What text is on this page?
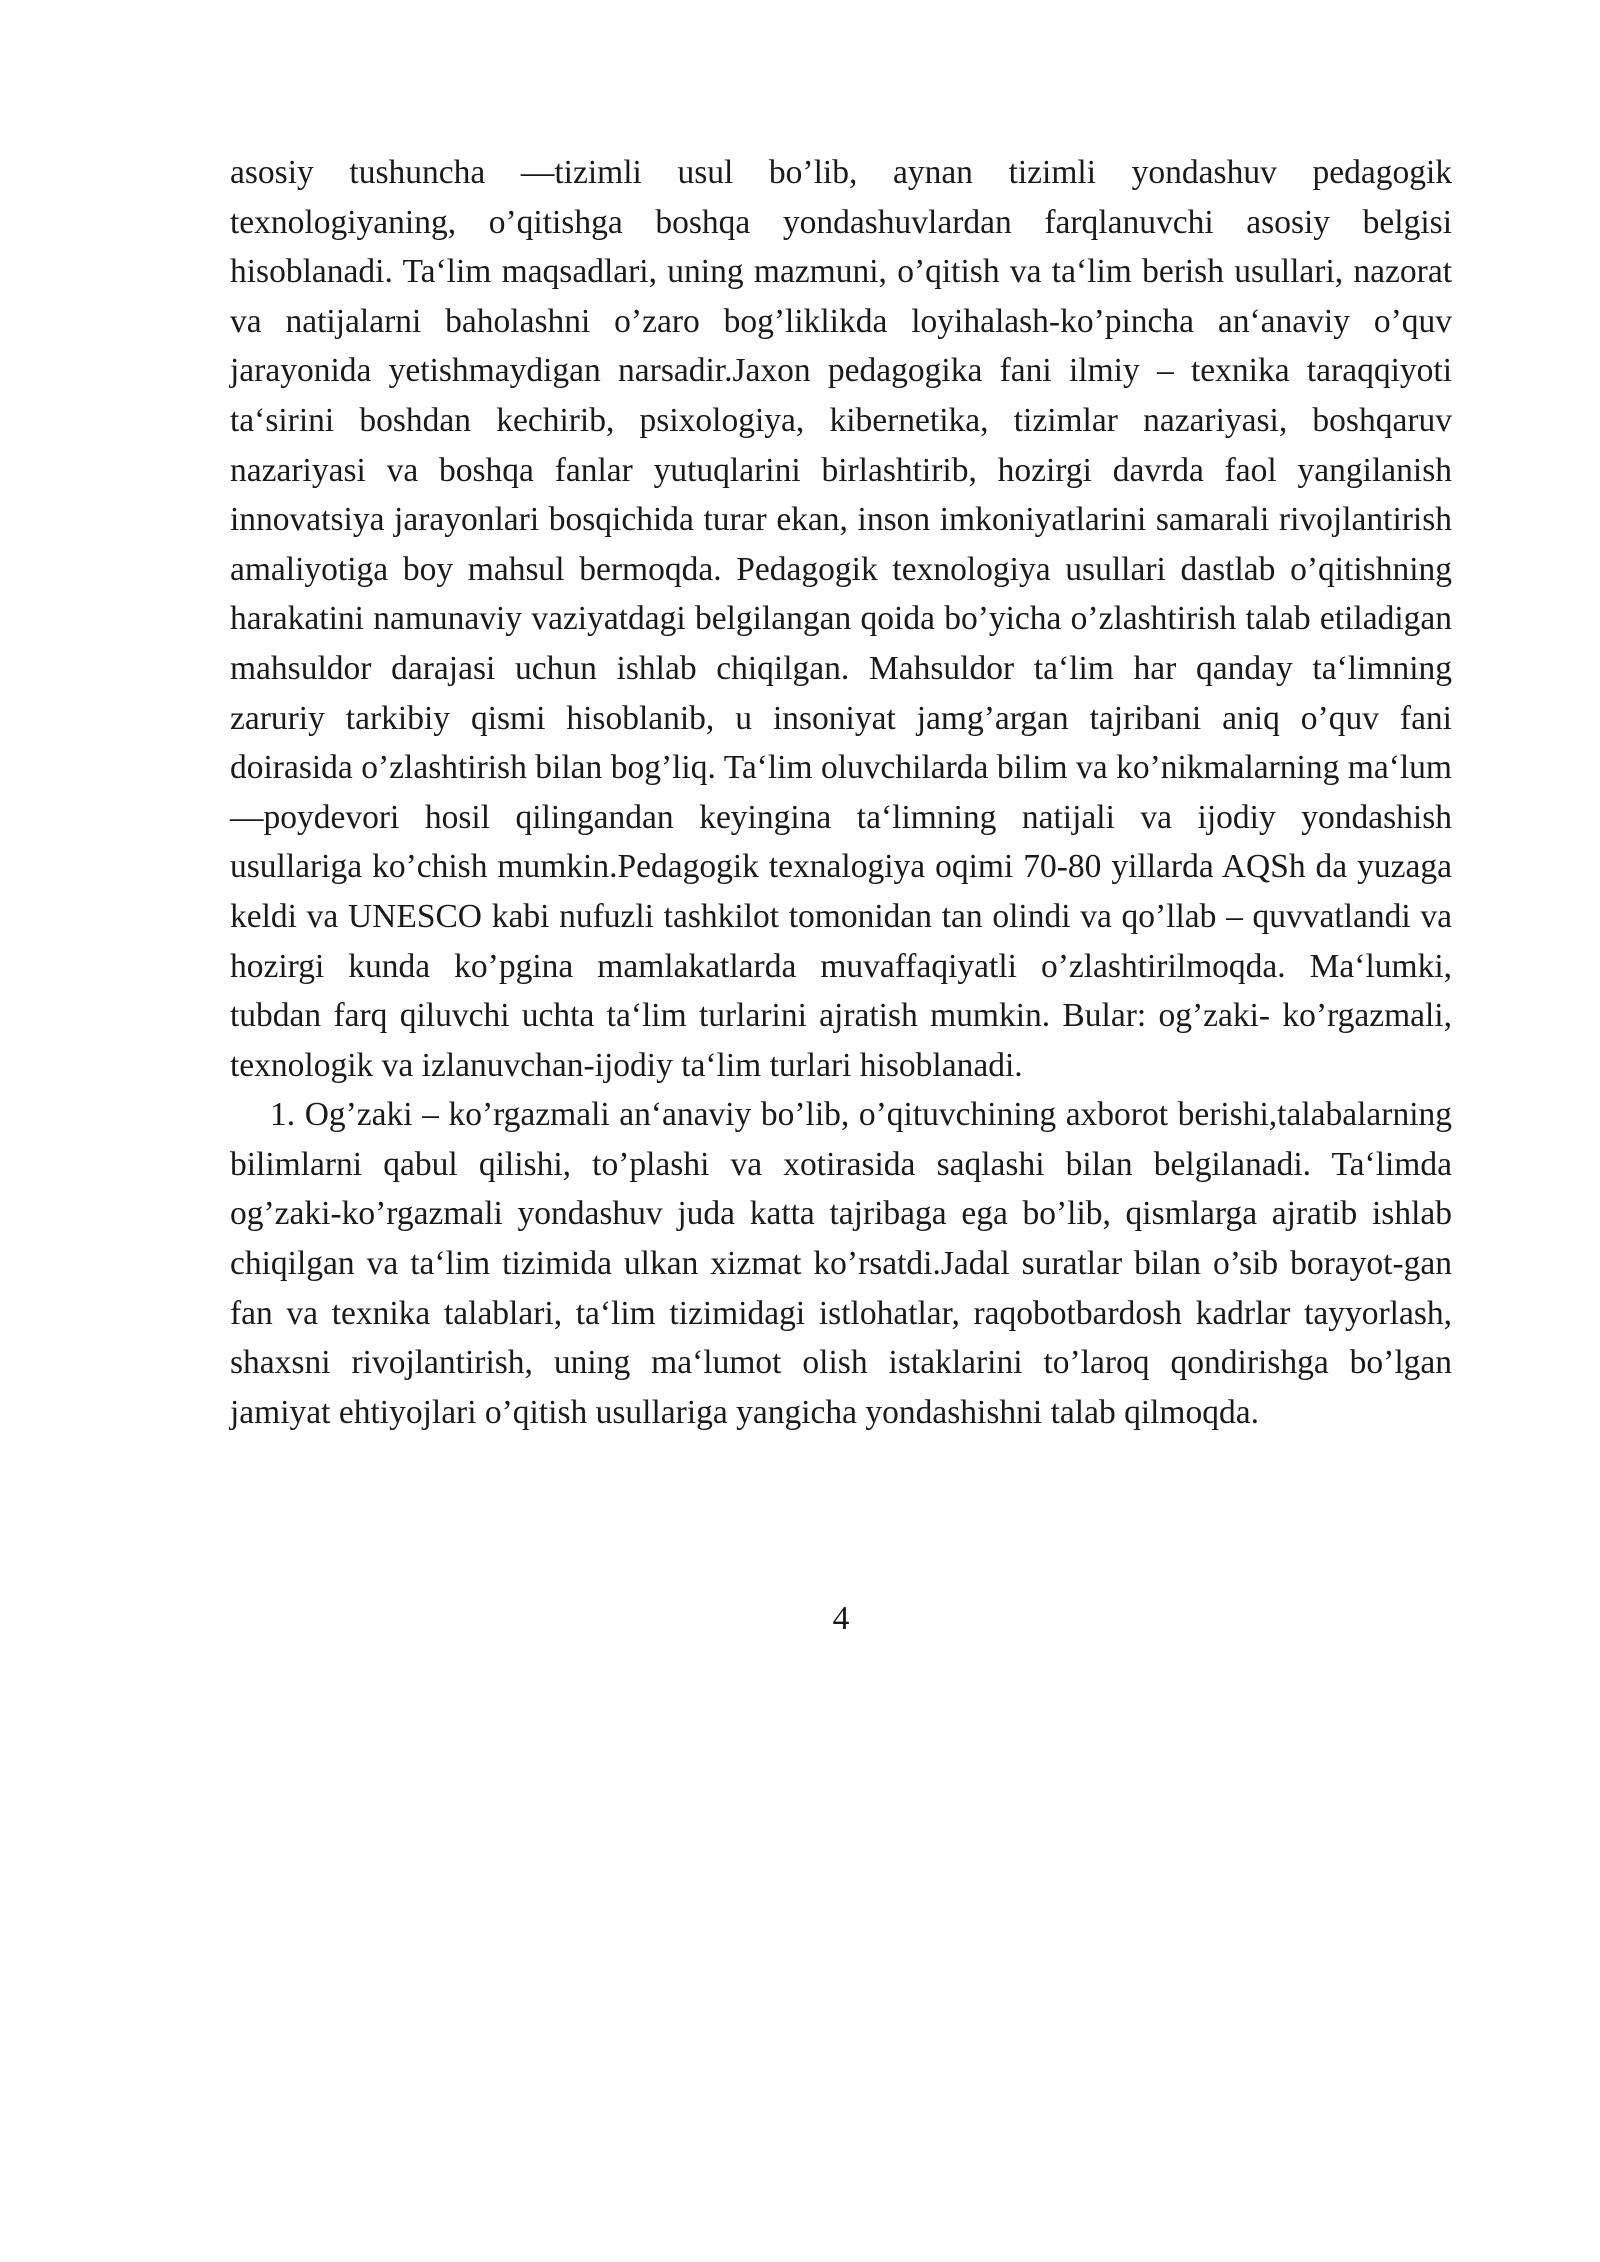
asosiy tushuncha —tizimli usul bo’lib, aynan tizimli yondashuv pedagogik texnologiyaning, o’qitishga boshqa yondashuvlardan farqlanuvchi asosiy belgisi hisoblanadi. Ta‘lim maqsadlari, uning mazmuni, o’qitish va ta‘lim berish usullari, nazorat va natijalarni baholashni o’zaro bog’liklikda loyihalash-ko’pincha an‘anaviy o’quv jarayonida yetishmaydigan narsadir.Jaxon pedagogika fani ilmiy – texnika taraqqiyoti ta‘sirini boshdan kechirib, psixologiya, kibernetika, tizimlar nazariyasi, boshqaruv nazariyasi va boshqa fanlar yutuqlarini birlashtirib, hozirgi davrda faol yangilanish innovatsiya jarayonlari bosqichida turar ekan, inson imkoniyatlarini samarali rivojlantirish amaliyotiga boy mahsul bermoqda. Pedagogik texnologiya usullari dastlab o’qitishning harakatini namunaviy vaziyatdagi belgilangan qoida bo’yicha o’zlashtirish talab etiladigan mahsuldor darajasi uchun ishlab chiqilgan. Mahsuldor ta‘lim har qanday ta‘limning zaruriy tarkibiy qismi hisoblanib, u insoniyat jamg’argan tajribani aniq o’quv fani doirasida o’zlashtirish bilan bog’liq. Ta‘lim oluvchilarda bilim va ko’nikmalarning ma‘lum —poydevori hosil qilingandan keyingina ta‘limning natijali va ijodiy yondashish usullariga ko’chish mumkin.Pedagogik texnalogiya oqimi 70-80 yillarda AQSh da yuzaga keldi va UNESCO kabi nufuzli tashkilot tomonidan tan olindi va qo’llab – quvvatlandi va hozirgi kunda ko’pgina mamlakatlarda muvaffaqiyatli o’zlashtirilmoqda. Ma‘lumki, tubdan farq qiluvchi uchta ta‘lim turlarini ajratish mumkin. Bular: og’zaki- ko’rgazmali, texnologik va izlanuvchan-ijodiy ta‘lim turlari hisoblanadi.

1. Og’zaki – ko’rgazmali an‘anaviy bo’lib, o’qituvchining axborot berishi,talabalarning bilimlarni qabul qilishi, to’plashi va xotirasida saqlashi bilan belgilanadi. Ta‘limda og’zaki-ko’rgazmali yondashuv juda katta tajribaga ega bo’lib, qismlarga ajratib ishlab chiqilgan va ta‘lim tizimida ulkan xizmat ko’rsatdi.Jadal suratlar bilan o’sib borayot-gan fan va texnika talablari, ta‘lim tizimidagi istlohatlar, raqobotbardosh kadrlar tayyorlash, shaxsni rivojlantirish, uning ma‘lumot olish istaklarini to’laroq qondirishga bo’lgan jamiyat ehtiyojlari o’qitish usullariga yangicha yondashishni talab qilmoqda.

4
